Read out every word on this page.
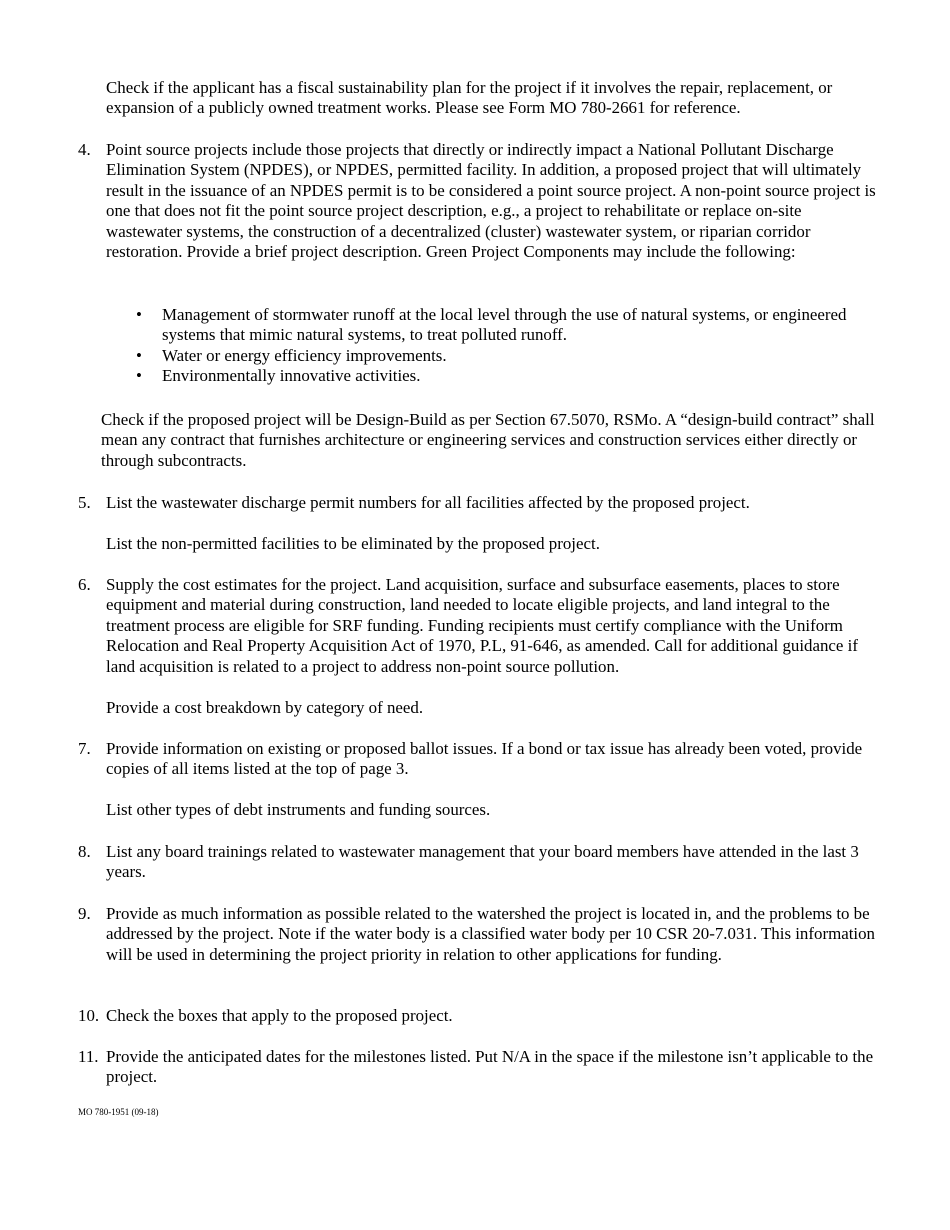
Check if the applicant has a fiscal sustainability plan for the project if it involves the repair, replacement, or expansion of a publicly owned treatment works. Please see Form MO 780-2661 for reference.

4. Point source projects include those projects that directly or indirectly impact a National Pollutant Discharge Elimination System (NPDES), or NPDES, permitted facility. In addition, a proposed project that will ultimately result in the issuance of an NPDES permit is to be considered a point source project. A non-point source project is one that does not fit the point source project description, e.g., a project to rehabilitate or replace on-site wastewater systems, the construction of a decentralized (cluster) wastewater system, or riparian corridor restoration. Provide a brief project description. Green Project Components may include the following:

• Management of stormwater runoff at the local level through the use of natural systems, or engineered systems that mimic natural systems, to treat polluted runoff.
• Water or energy efficiency improvements.
• Environmentally innovative activities.

Check if the proposed project will be Design-Build as per Section 67.5070, RSMo. A “design-build contract” shall mean any contract that furnishes architecture or engineering services and construction services either directly or through subcontracts.

5. List the wastewater discharge permit numbers for all facilities affected by the proposed project.

List the non-permitted facilities to be eliminated by the proposed project.

6. Supply the cost estimates for the project. Land acquisition, surface and subsurface easements, places to store equipment and material during construction, land needed to locate eligible projects, and land integral to the treatment process are eligible for SRF funding. Funding recipients must certify compliance with the Uniform Relocation and Real Property Acquisition Act of 1970, P.L, 91-646, as amended. Call for additional guidance if land acquisition is related to a project to address non-point source pollution.

Provide a cost breakdown by category of need.

7. Provide information on existing or proposed ballot issues. If a bond or tax issue has already been voted, provide copies of all items listed at the top of page 3.

List other types of debt instruments and funding sources.

8. List any board trainings related to wastewater management that your board members have attended in the last 3 years.

9. Provide as much information as possible related to the watershed the project is located in, and the problems to be addressed by the project. Note if the water body is a classified water body per 10 CSR 20-7.031. This information will be used in determining the project priority in relation to other applications for funding.

10. Check the boxes that apply to the proposed project.

11. Provide the anticipated dates for the milestones listed. Put N/A in the space if the milestone isn’t applicable to the project.

MO 780-1951 (09-18)
